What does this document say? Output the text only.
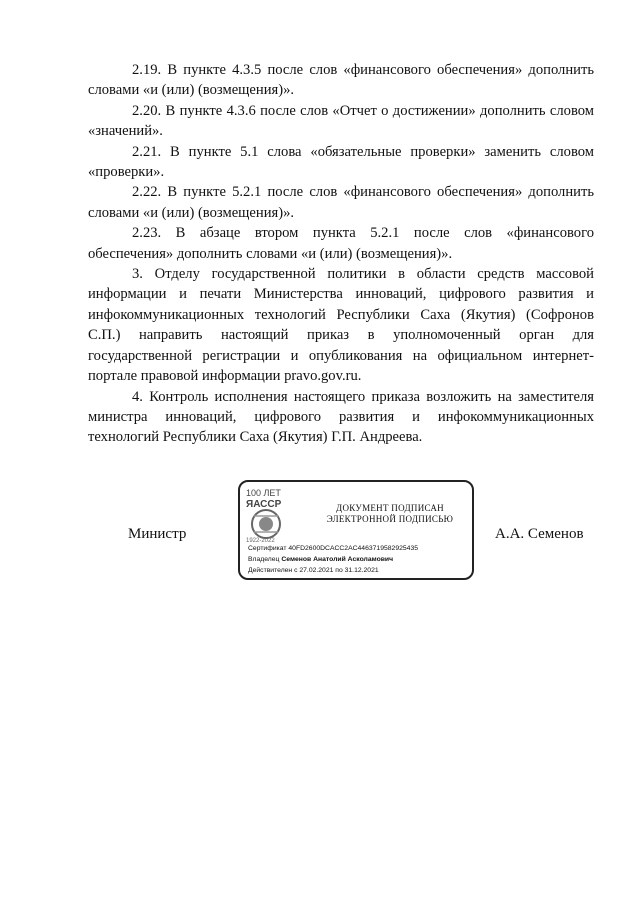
2.19. В пункте 4.3.5 после слов «финансового обеспечения» дополнить словами «и (или) (возмещения)».

2.20. В пункте 4.3.6 после слов «Отчет о достижении» дополнить словом «значений».

2.21. В пункте 5.1 слова «обязательные проверки» заменить словом «проверки».

2.22. В пункте 5.2.1 после слов «финансового обеспечения» дополнить словами «и (или) (возмещения)».

2.23. В абзаце втором пункта 5.2.1 после слов «финансового обеспечения» дополнить словами «и (или) (возмещения)».

3. Отделу государственной политики в области средств массовой информации и печати Министерства инноваций, цифрового развития и инфокоммуникационных технологий Республики Саха (Якутия) (Софронов С.П.) направить настоящий приказ в уполномоченный орган для государственной регистрации и опубликования на официальном интернет-портале правовой информации pravo.gov.ru.

4. Контроль исполнения настоящего приказа возложить на заместителя министра инноваций, цифрового развития и инфокоммуникационных технологий Республики Саха (Якутия) Г.П. Андреева.

Министр
100 ЛЕТ
ЯАССР
1922-2022
ДОКУМЕНТ ПОДПИСАН ЭЛЕКТРОННОЙ ПОДПИСЬЮ
Сертификат 40FD2600DCACC2AC4463719582925435
Владелец Семенов Анатолий Асколамович
Действителен с 27.02.2021 по 31.12.2021
А.А. Семенов
